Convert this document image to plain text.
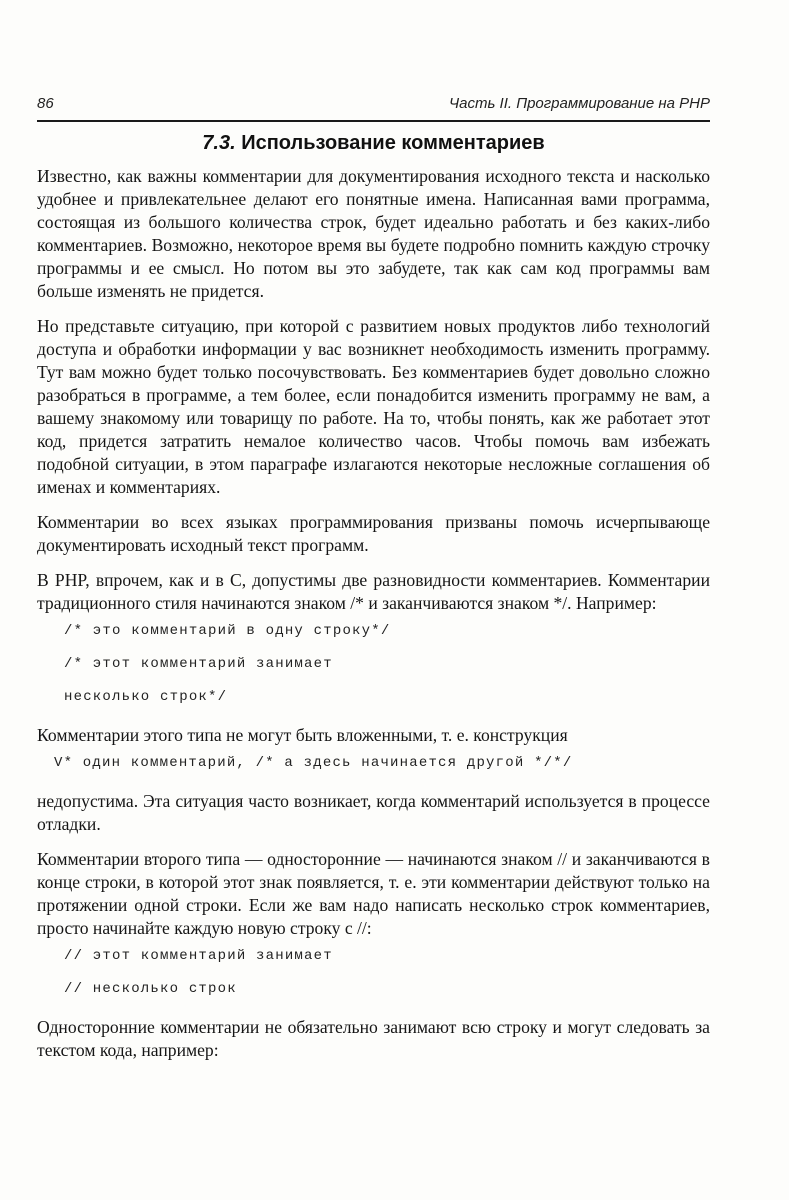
86	Часть II. Программирование на PHP
7.3. Использование комментариев

Известно, как важны комментарии для документирования исходного текста и насколько удобнее и привлекательнее делают его понятные имена. Написанная вами программа, состоящая из большого количества строк, будет идеально работать и без каких-либо комментариев. Возможно, некоторое время вы будете подробно помнить каждую строчку программы и ее смысл. Но потом вы это забудете, так как сам код программы вам больше изменять не придется.

Но представьте ситуацию, при которой с развитием новых продуктов либо технологий доступа и обработки информации у вас возникнет необходимость изменить программу. Тут вам можно будет только посочувствовать. Без комментариев будет довольно сложно разобраться в программе, а тем более, если понадобится изменить программу не вам, а вашему знакомому или товарищу по работе. На то, чтобы понять, как же работает этот код, придется затратить немалое количество часов. Чтобы помочь вам избежать подобной ситуации, в этом параграфе излагаются некоторые несложные соглашения об именах и комментариях.

Комментарии во всех языках программирования призваны помочь исчерпывающе документировать исходный текст программ.

В PHP, впрочем, как и в С, допустимы две разновидности комментариев. Комментарии традиционного стиля начинаются знаком /* и заканчиваются знаком */. Например:

/* это комментарий в одну строку*/
/* этот комментарий занимает
несколько строк*/

Комментарии этого типа не могут быть вложенными, т. е. конструкция

V* один комментарий, /* а здесь начинается другой */*/

недопустима. Эта ситуация часто возникает, когда комментарий используется в процессе отладки.

Комментарии второго типа — односторонние — начинаются знаком // и заканчиваются в конце строки, в которой этот знак появляется, т. е. эти комментарии действуют только на протяжении одной строки. Если же вам надо написать несколько строк комментариев, просто начинайте каждую новую строку с //:

// этот комментарий занимает
// несколько строк

Односторонние комментарии не обязательно занимают всю строку и могут следовать за текстом кода, например:
